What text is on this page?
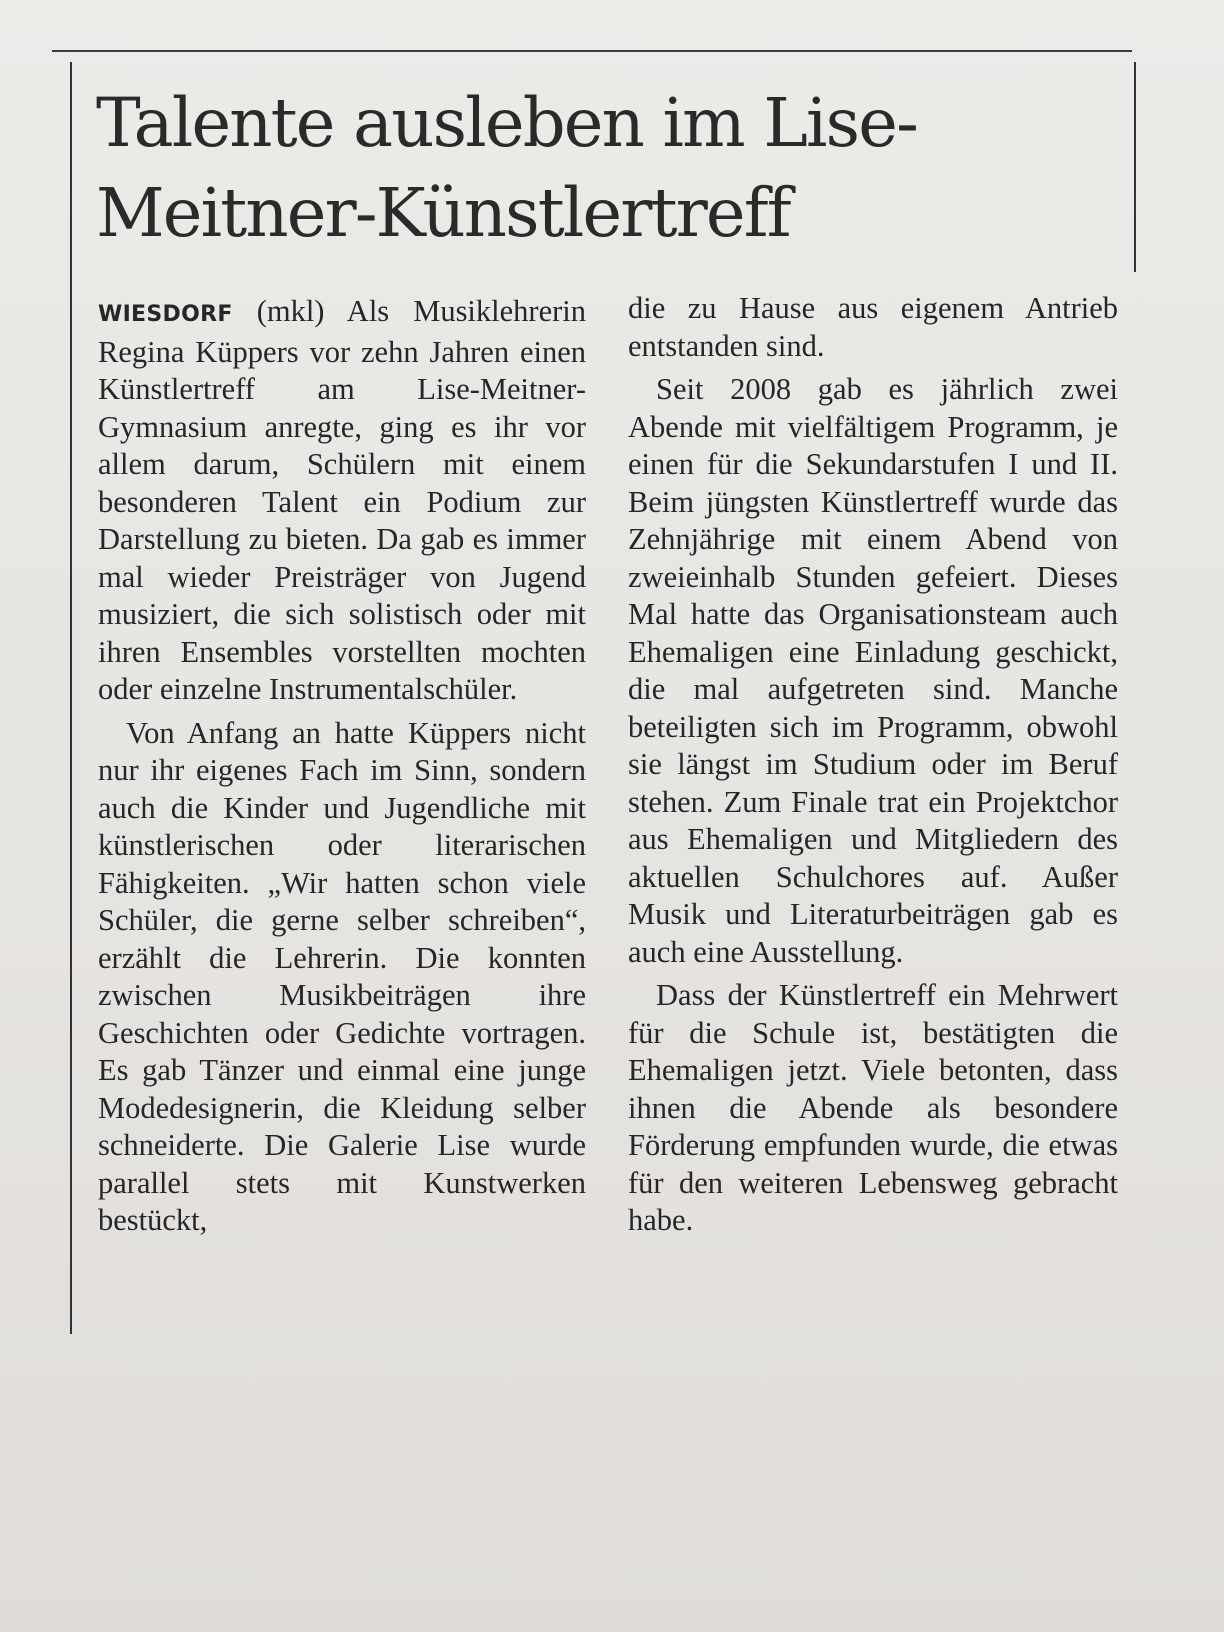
Talente ausleben im Lise-Meitner-Künstlertreff

WIESDORF (mkl) Als Musiklehrerin Regina Küppers vor zehn Jahren einen Künstlertreff am Lise-Meitner-Gymnasium anregte, ging es ihr vor allem darum, Schülern mit einem besonderen Talent ein Podium zur Darstellung zu bieten. Da gab es immer mal wieder Preisträger von Jugend musiziert, die sich solistisch oder mit ihren Ensembles vorstellten mochten oder einzelne Instrumentalschüler.

Von Anfang an hatte Küppers nicht nur ihr eigenes Fach im Sinn, sondern auch die Kinder und Jugendliche mit künstlerischen oder literarischen Fähigkeiten. „Wir hatten schon viele Schüler, die gerne selber schreiben“, erzählt die Lehrerin. Die konnten zwischen Musikbeiträgen ihre Geschichten oder Gedichte vortragen. Es gab Tänzer und einmal eine junge Modedesignerin, die Kleidung selber schneiderte. Die Galerie Lise wurde parallel stets mit Kunstwerken bestückt,

die zu Hause aus eigenem Antrieb entstanden sind.

Seit 2008 gab es jährlich zwei Abende mit vielfältigem Programm, je einen für die Sekundarstufen I und II. Beim jüngsten Künstlertreff wurde das Zehnjährige mit einem Abend von zweieinhalb Stunden gefeiert. Dieses Mal hatte das Organisationsteam auch Ehemaligen eine Einladung geschickt, die mal aufgetreten sind. Manche beteiligten sich im Programm, obwohl sie längst im Studium oder im Beruf stehen. Zum Finale trat ein Projektchor aus Ehemaligen und Mitgliedern des aktuellen Schulchores auf. Außer Musik und Literaturbeiträgen gab es auch eine Ausstellung.

Dass der Künstlertreff ein Mehrwert für die Schule ist, bestätigten die Ehemaligen jetzt. Viele betonten, dass ihnen die Abende als besondere Förderung empfunden wurde, die etwas für den weiteren Lebensweg gebracht habe.
